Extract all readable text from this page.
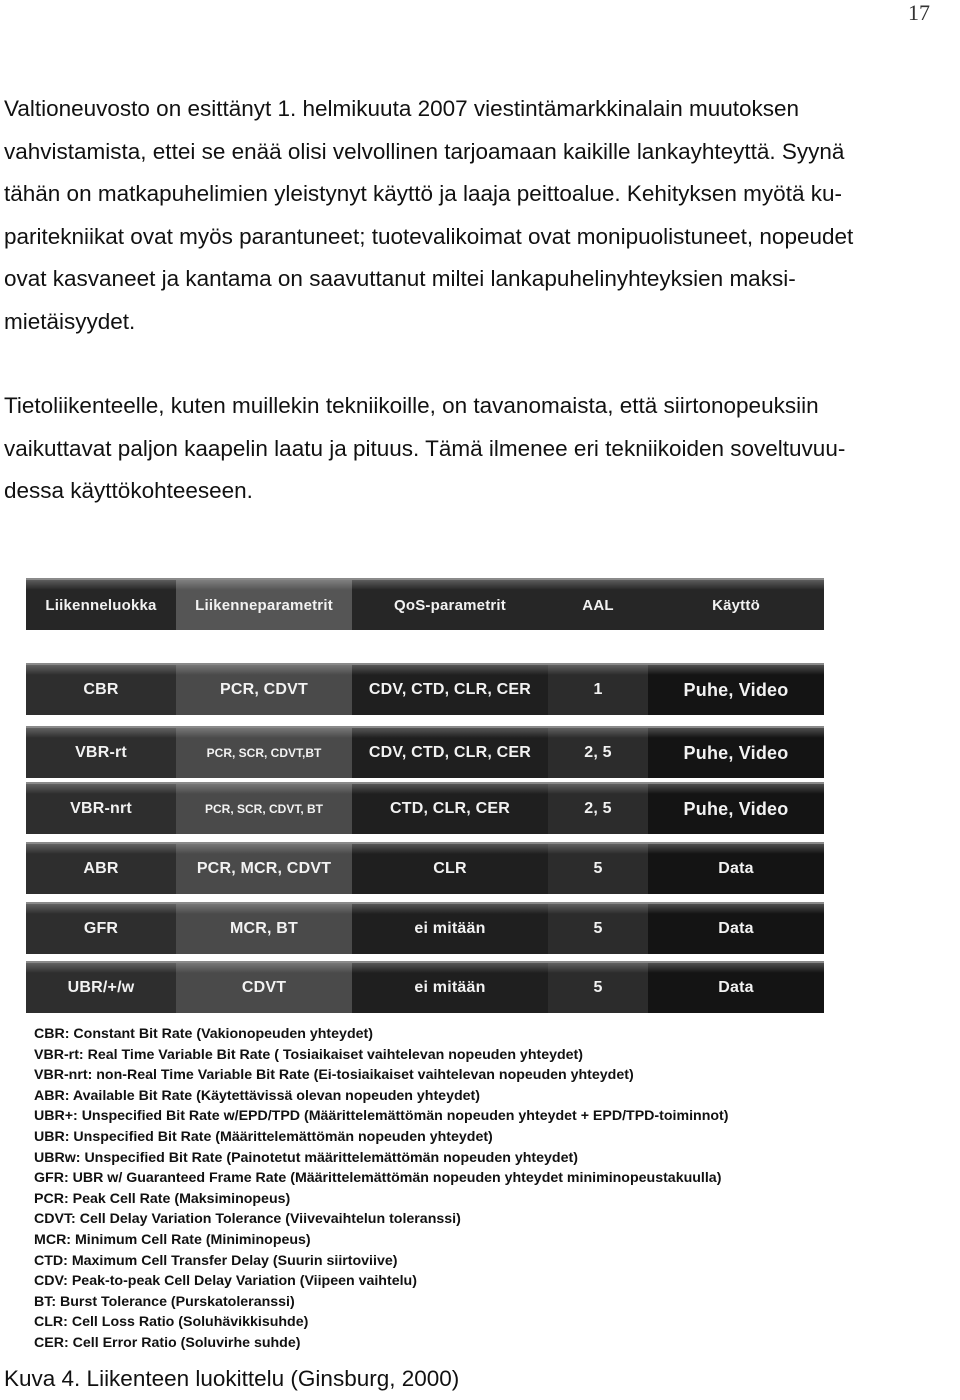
17

Valtioneuvosto on esittänyt 1. helmikuuta 2007 viestintämarkkinalain muutoksen
vahvistamista, ettei se enää olisi velvollinen tarjoamaan kaikille lankayhteyttä. Syynä
tähän on matkapuhelimien yleistynyt käyttö ja laaja peittoalue. Kehityksen myötä ku-
paritekniikat ovat myös parantuneet; tuotevalikoimat ovat monipuolistuneet, nopeudet
ovat kasvaneet ja kantama on saavuttanut miltei lankapuhelinyhteyksien maksi-
mietäisyydet.

Tietoliikenteelle, kuten muillekin tekniikoille, on tavanomaista, että siirtonopeuksiin
vaikuttavat paljon kaapelin laatu ja pituus. Tämä ilmenee eri tekniikoiden soveltuvuu-
dessa käyttökohteeseen.

Liikenneluokka	Liikenneparametrit	QoS-parametrit	AAL	Käyttö
CBR	PCR, CDVT	CDV, CTD, CLR, CER	1	Puhe, Video
VBR-rt	PCR, SCR, CDVT,BT	CDV, CTD, CLR, CER	2, 5	Puhe, Video
VBR-nrt	PCR, SCR, CDVT, BT	CTD, CLR, CER	2, 5	Puhe, Video
ABR	PCR, MCR, CDVT	CLR	5	Data
GFR	MCR, BT	ei mitään	5	Data
UBR/+/w	CDVT	ei mitään	5	Data
CBR: Constant Bit Rate (Vakionopeuden yhteydet)
VBR-rt: Real Time Variable Bit Rate ( Tosiaikaiset vaihtelevan nopeuden yhteydet)
VBR-nrt: non-Real Time Variable Bit Rate (Ei-tosiaikaiset vaihtelevan nopeuden yhteydet)
ABR: Available Bit Rate (Käytettävissä olevan nopeuden yhteydet)
UBR+: Unspecified Bit Rate w/EPD/TPD (Määrittelemättömän nopeuden yhteydet + EPD/TPD-toiminnot)
UBR: Unspecified Bit Rate (Määrittelemättömän nopeuden yhteydet)
UBRw: Unspecified Bit Rate (Painotetut määrittelemättömän nopeuden yhteydet)
GFR: UBR w/ Guaranteed Frame Rate (Määrittelemättömän nopeuden yhteydet miniminopeustakuulla)
PCR: Peak Cell Rate (Maksiminopeus)
CDVT: Cell Delay Variation Tolerance (Viivevaihtelun toleranssi)
MCR: Minimum Cell Rate (Miniminopeus)
CTD: Maximum Cell Transfer Delay (Suurin siirtoviive)
CDV: Peak-to-peak Cell Delay Variation (Viipeen vaihtelu)
BT: Burst Tolerance (Purskatoleranssi)
CLR: Cell Loss Ratio (Soluhävikkisuhde)
CER: Cell Error Ratio (Soluvirhe suhde)

Kuva 4. Liikenteen luokittelu (Ginsburg, 2000)
